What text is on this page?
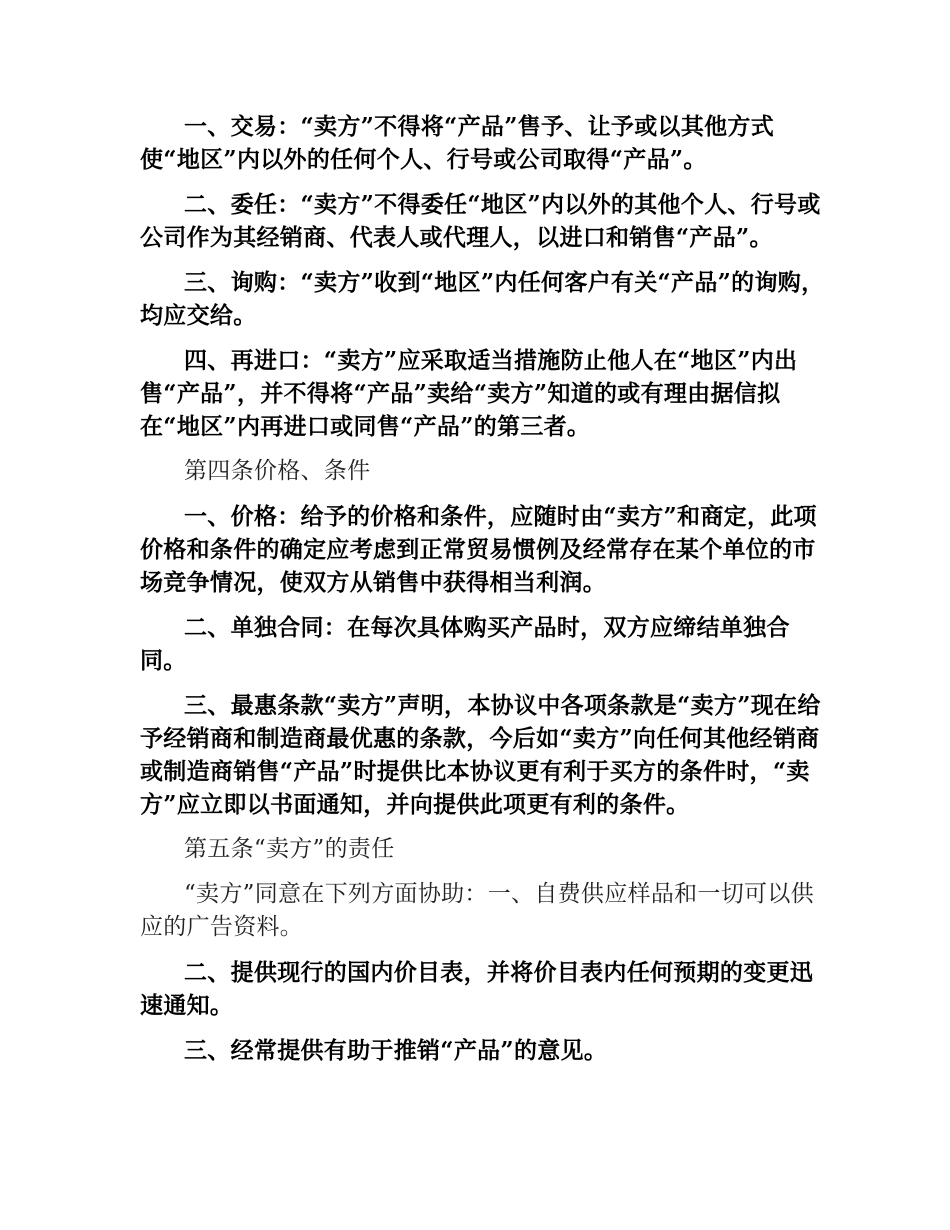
一、交易：“卖方”不得将“产品”售予、让予或以其他方式使“地区”内以外的任何个人、行号或公司取得“产品”。

二、委任：“卖方”不得委任“地区”内以外的其他个人、行号或公司作为其经销商、代表人或代理人，以进口和销售“产品”。

三、询购：“卖方”收到“地区”内任何客户有关“产品”的询购，均应交给。

四、再进口：“卖方”应采取适当措施防止他人在“地区”内出售“产品”，并不得将“产品”卖给“卖方”知道的或有理由据信拟在“地区”内再进口或同售“产品”的第三者。

第四条价格、条件

一、价格：给予的价格和条件，应随时由“卖方”和商定，此项价格和条件的确定应考虑到正常贸易惯例及经常存在某个单位的市场竞争情况，使双方从销售中获得相当利润。

二、单独合同：在每次具体购买产品时，双方应缔结单独合同。

三、最惠条款“卖方”声明，本协议中各项条款是“卖方”现在给予经销商和制造商最优惠的条款，今后如“卖方”向任何其他经销商或制造商销售“产品”时提供比本协议更有利于买方的条件时，“卖方”应立即以书面通知，并向提供此项更有利的条件。

第五条“卖方”的责任

“卖方”同意在下列方面协助：一、自费供应样品和一切可以供应的广告资料。

二、提供现行的国内价目表，并将价目表内任何预期的变更迅速通知。

三、经常提供有助于推销“产品”的意见。
